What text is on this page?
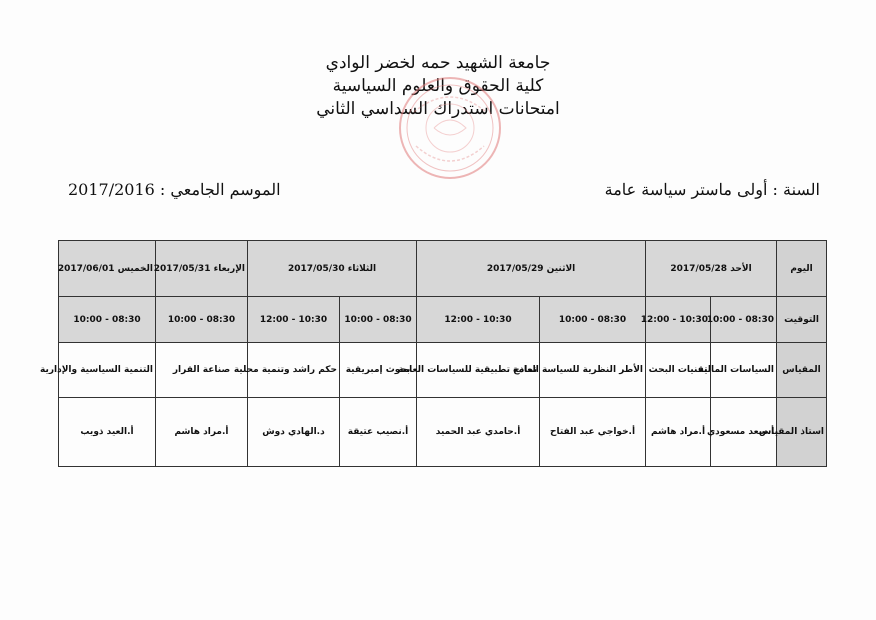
جامعة الشهيد حمه لخضر الوادي
كلية الحقوق والعلوم السياسية
امتحانات استدراك السداسي الثاني
السنة : أولى ماستر سياسة عامة
الموسم الجامعي : 2017/2016
اليوم	الأحد 2017/05/28		الاثنين 2017/05/29		الثلاثاء 2017/05/30		الإربعاء 2017/05/31	الخميس 2017/06/01
التوقيت	08:30 - 10:00	10:30 - 12:00	08:30 - 10:00	10:30 - 12:00	08:30 - 10:00	10:30 - 12:00	08:30 - 10:00	08:30 - 10:00
المقياس	السياسات المالية	تقنيات البحث	الأطر النظرية للسياسة العامة	نماذج تطبيقية للسياسات العامة	بحوث إمبريقية	حكم راشد وتنمية محلية	صناعة القرار	التنمية السياسية والإدارية
استاذ المقياس	أ.سعد مسعودي	أ.مراد هاشم	أ.خواجي عبد الفتاح	أ.حامدي عبد الحميد	أ.نصيب عتيقة	د.الهادي دوش	أ.مراد هاشم	أ.العيد ذويب
